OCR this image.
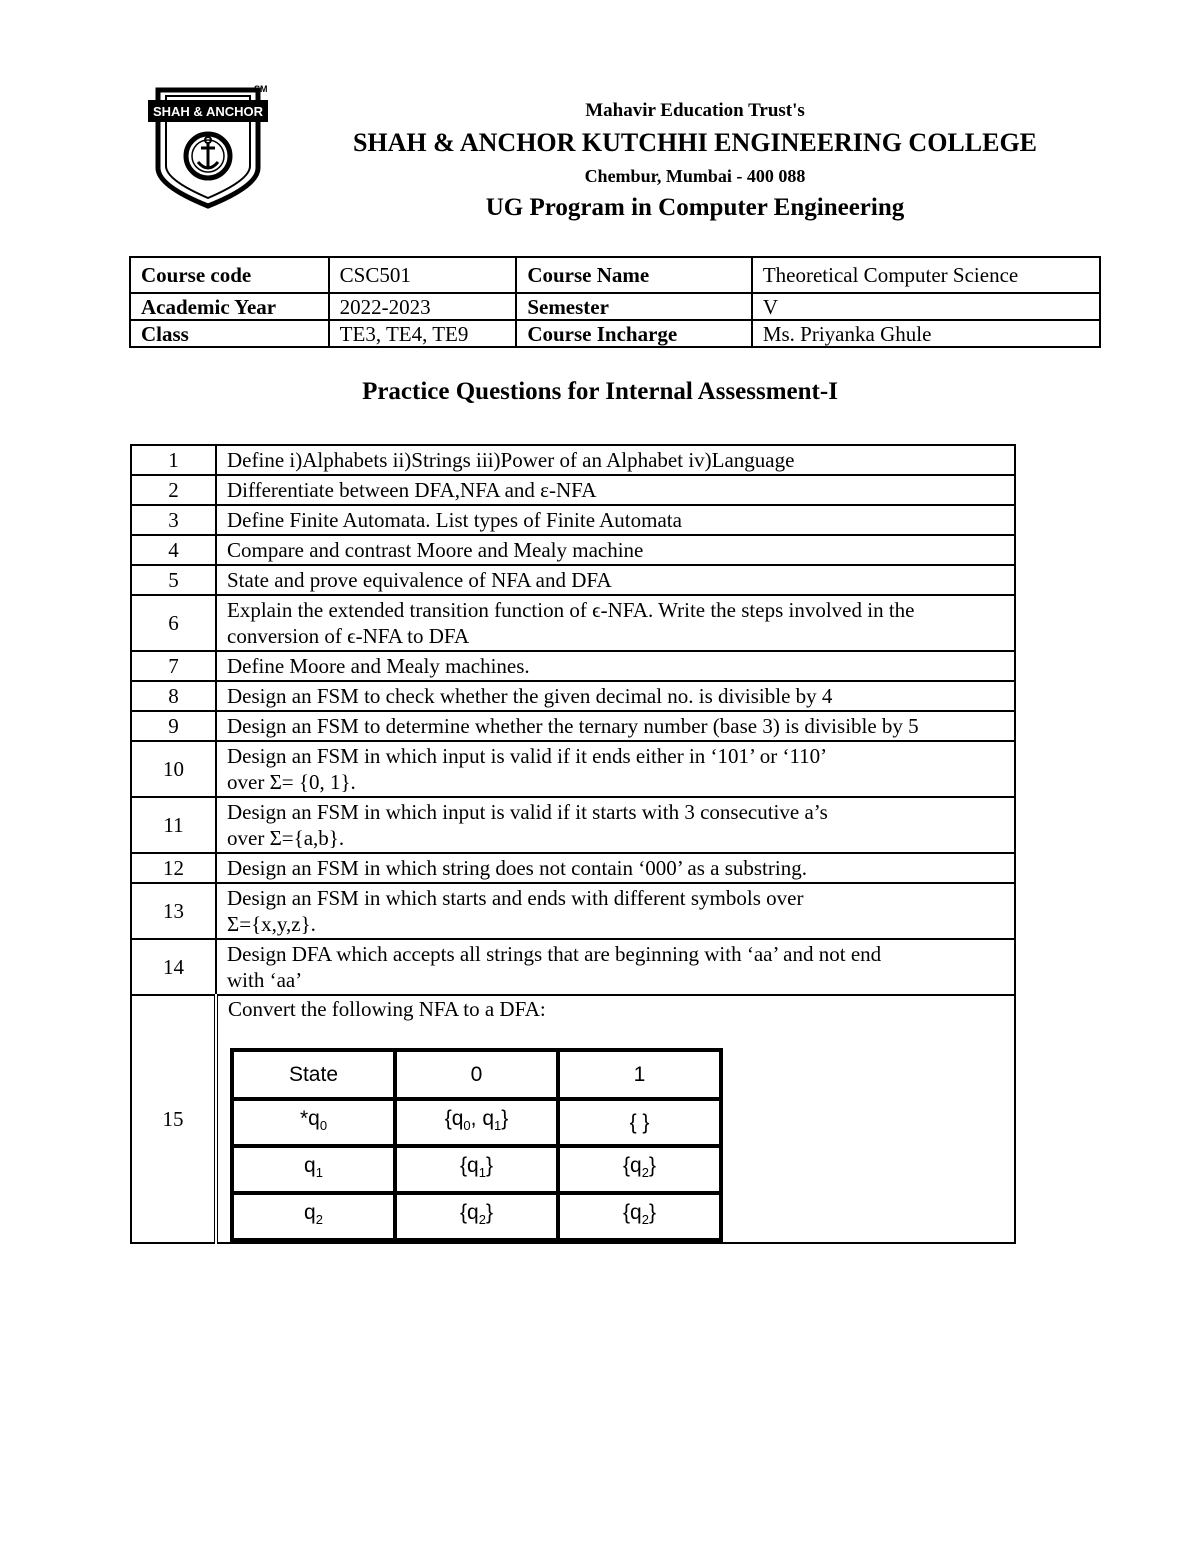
SHAH & ANCHOR
SM
Mahavir Education Trust's
SHAH & ANCHOR KUTCHHI ENGINEERING COLLEGE
Chembur, Mumbai - 400 088
UG Program in Computer Engineering
Course code	CSC501	Course Name	Theoretical Computer Science
Academic Year	2022-2023	Semester	V
Class	TE3, TE4, TE9	Course Incharge	Ms. Priyanka Ghule
Practice Questions for Internal Assessment-I
1	Define i)Alphabets ii)Strings iii)Power of an Alphabet iv)Language

2	Differentiate between DFA,NFA and ε-NFA

3	Define Finite Automata. List types of Finite Automata

4	Compare and contrast Moore and Mealy machine

5	State and prove equivalence of NFA and DFA

6	
Explain the extended transition function of ϵ-NFA. Write the steps involved in the
conversion of ϵ-NFA to DFA

7	Define Moore and Mealy machines.

8	Design an FSM to check whether the given decimal no. is divisible by 4

9	Design an FSM to determine whether the ternary number (base 3) is divisible by 5

10	
Design an FSM in which input is valid if it ends either in ‘101’ or ‘110’
over Σ= {0, 1}.

11	
Design an FSM in which input is valid if it starts with 3 consecutive a’s
over Σ={a,b}.

12	Design an FSM in which string does not contain ‘000’ as a substring.

13	
Design an FSM in which starts and ends with different symbols over
Σ={x,y,z}.

14	
Design DFA which accepts all strings that are beginning with ‘aa’ and not end
with ‘aa’

15	
Convert the following NFA to a DFA:
State	0	1
$*q_0$	{$q_0$, $q_1$}	{ }
$q_1$	$\{q_1\}$	$\{q_2\}$
$q_2$	$\{q_2\}$	$\{q_2\}$
